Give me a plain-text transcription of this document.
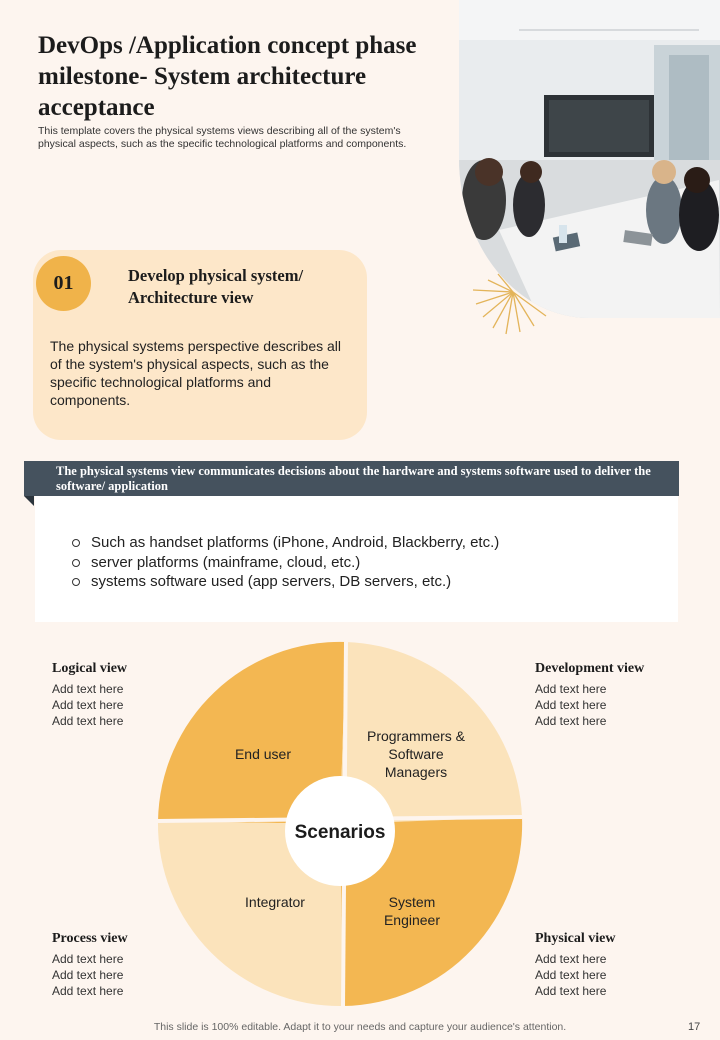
DevOps /Application concept phase milestone- System architecture acceptance
This template covers the physical systems views describing all of the system's physical aspects, such as the specific technological platforms and components.
01	Develop physical system/ Architecture view
The physical systems perspective describes all of the system's physical aspects, such as the specific technological platforms and components.
The physical systems view communicates decisions about the hardware and systems software used to deliver the software/ application
Such as handset platforms (iPhone, Android, Blackberry, etc.)
server platforms (mainframe, cloud, etc.)
systems software used (app servers, DB servers, etc.)
Logical view

Add text here

Add text here

Add text here

Development view

Add text here

Add text here

Add text here

Process view

Add text here

Add text here

Add text here

Physical view

Add text here

Add text here

Add text here

Scenarios
End user
Programmers &
Software
Managers
Integrator	System
Engineer
This slide is 100% editable. Adapt it to your needs and capture your audience's attention.	17
